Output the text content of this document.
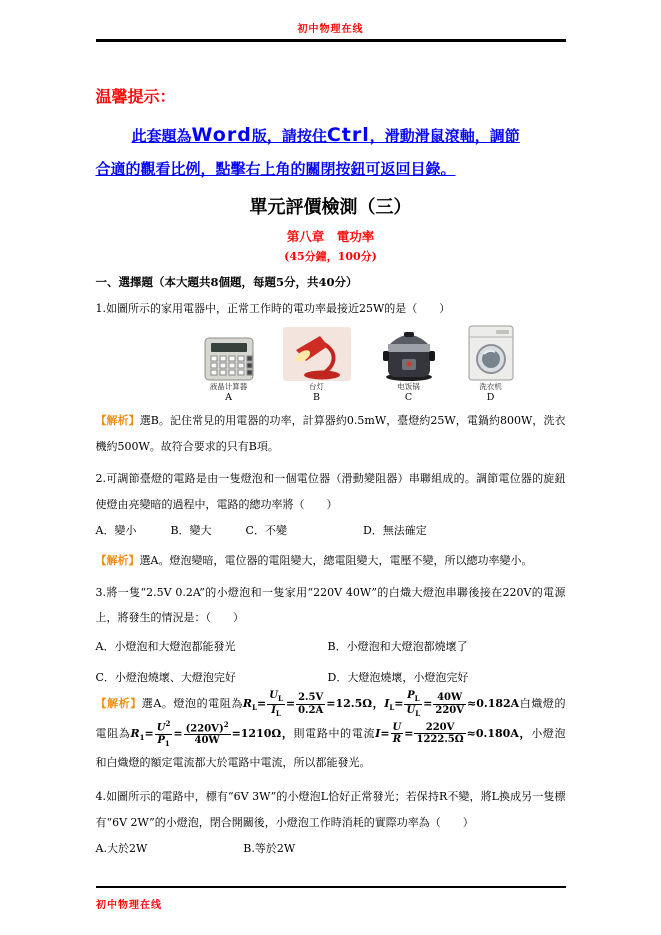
初中物理在线

温馨提示：

此套題為Word版，請按住Ctrl，滑動滑鼠滾軸，調節

合適的觀看比例，點擊右上角的關閉按鈕可返回目錄。

單元評價檢測（三）
第八章　電功率
(45分鐘，100分)
一、選擇題（本大題共8個題，每題5分，共40分）

1.如圖所示的家用電器中，正常工作時的電功率最接近25W的是（　　）

液晶计算器
A
台灯
B
电饭锅
C
洗衣机
D

【解析】選B。記住常見的用電器的功率，計算器約0.5mW，臺燈約25W，電鍋約800W，洗衣機約500W。故符合要求的只有B項。

2.可調節臺燈的電路是由一隻燈泡和一個電位器（滑動變阻器）串聯組成的。調節電位器的旋鈕使燈由亮變暗的過程中，電路的總功率將（　　）

A．變小	B．變大	C．不變	D．無法確定

【解析】選A。燈泡變暗，電位器的電阻變大，總電阻變大，電壓不變，所以總功率變小。

3.將一隻“2.5V 0.2A”的小燈泡和一隻家用“220V 40W”的白熾大燈泡串聯後接在220V的電源上，將發生的情況是：（　　）

A．小燈泡和大燈泡都能發光	B．小燈泡和大燈泡都燒壞了
C．小燈泡燒壞、大燈泡完好	D．大燈泡燒壞，小燈泡完好

【解析】選A。燈泡的電阻為$R_L= \frac{U_L}{I_L} = \frac{2.5V}{0.2A} =12.5\Omega$，$I_L= \frac{P_L}{U_L} = \frac{40W}{220V} \approx 0.182A$白熾燈的電阻為$R_1= \frac{U^2}{P_1} = \frac{(220V)^2}{40W} =1210\Omega$，則電路中的電流$I= \frac{U}{R} = \frac{220V}{1222.5\Omega} \approx 0.180A$，小燈泡和白熾燈的額定電流都大於電路中電流，所以都能發光。

4.如圖所示的電路中，標有“6V 3W”的小燈泡L恰好正常發光；若保持R不變，將L換成另一隻標有“6V 2W”的小燈泡，閉合開關後，小燈泡工作時消耗的實際功率為（　　）

A.大於2W	B.等於2W
初中物理在线
